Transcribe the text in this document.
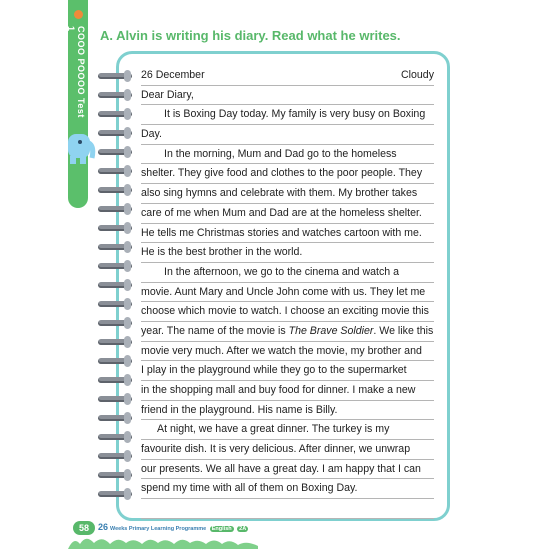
COOO POOOO Test 1	A. Alvin is writing his diary. Read what he writes.
26 December	Cloudy
Dear Diary,
It is Boxing Day today. My family is very busy on Boxing
Day.
In the morning, Mum and Dad go to the homeless
shelter. They give food and clothes to the poor people. They
also sing hymns and celebrate with them. My brother takes
care of me when Mum and Dad are at the homeless shelter.
He tells me Christmas stories and watches cartoon with me.
He is the best brother in the world.
In the afternoon, we go to the cinema and watch a
movie. Aunt Mary and Uncle John come with us. They let me
choose which movie to watch. I choose an exciting movie this
year. The name of the movie is The Brave Soldier. We like this
movie very much. After we watch the movie, my brother and
I play in the playground while they go to the supermarket
in the shopping mall and buy food for dinner. I make a new
friend in the playground. His name is Billy.
At night, we have a great dinner. The turkey is my
favourite dish. It is very delicious. After dinner, we unwrap
our presents. We all have a great day. I am happy that I can
spend my time with all of them on Boxing Day.
58	26 Weeks Primary Learning Programme English 2A
